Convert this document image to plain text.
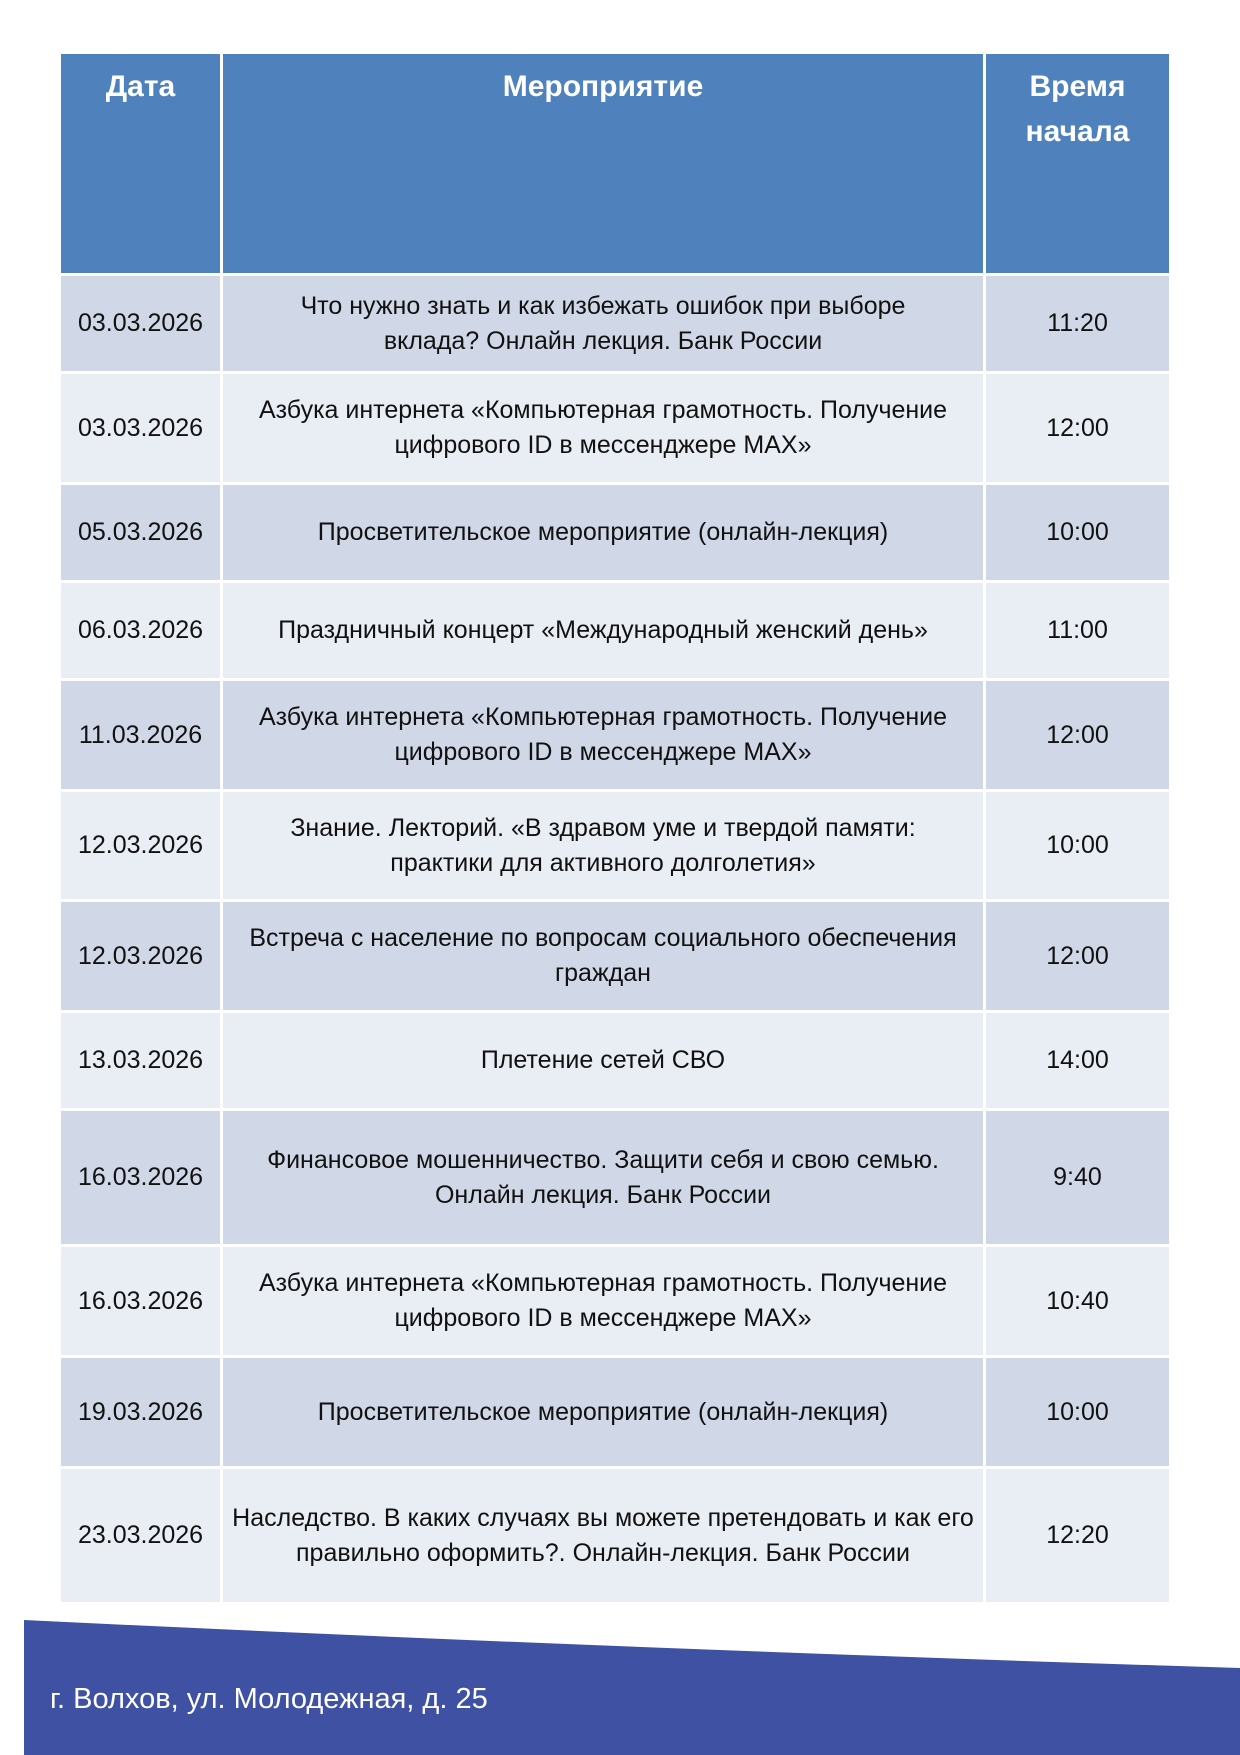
Дата	Мероприятие	Время начала
03.03.2026	Что нужно знать и как избежать ошибок при выборе вклада? Онлайн лекция. Банк России	11:20
03.03.2026	Азбука интернета «Компьютерная грамотность. Получение цифрового ID в мессенджере MAX»	12:00
05.03.2026	Просветительское мероприятие (онлайн-лекция)	10:00
06.03.2026	Праздничный концерт «Международный женский день»	11:00
11.03.2026	Азбука интернета «Компьютерная грамотность. Получение цифрового ID в мессенджере MAX»	12:00
12.03.2026	Знание. Лекторий. «В здравом уме и твердой памяти: практики для активного долголетия»	10:00
12.03.2026	Встреча с население по вопросам социального обеспечения граждан	12:00
13.03.2026	Плетение сетей СВО	14:00
16.03.2026	Финансовое мошенничество. Защити себя и свою семью. Онлайн лекция. Банк России	9:40
16.03.2026	Азбука интернета «Компьютерная грамотность. Получение цифрового ID в мессенджере MAX»	10:40
19.03.2026	Просветительское мероприятие (онлайн-лекция)	10:00
23.03.2026	Наследство. В каких случаях вы можете претендовать и как его правильно оформить?. Онлайн-лекция. Банк России	12:20
г. Волхов, ул. Молодежная, д. 25
